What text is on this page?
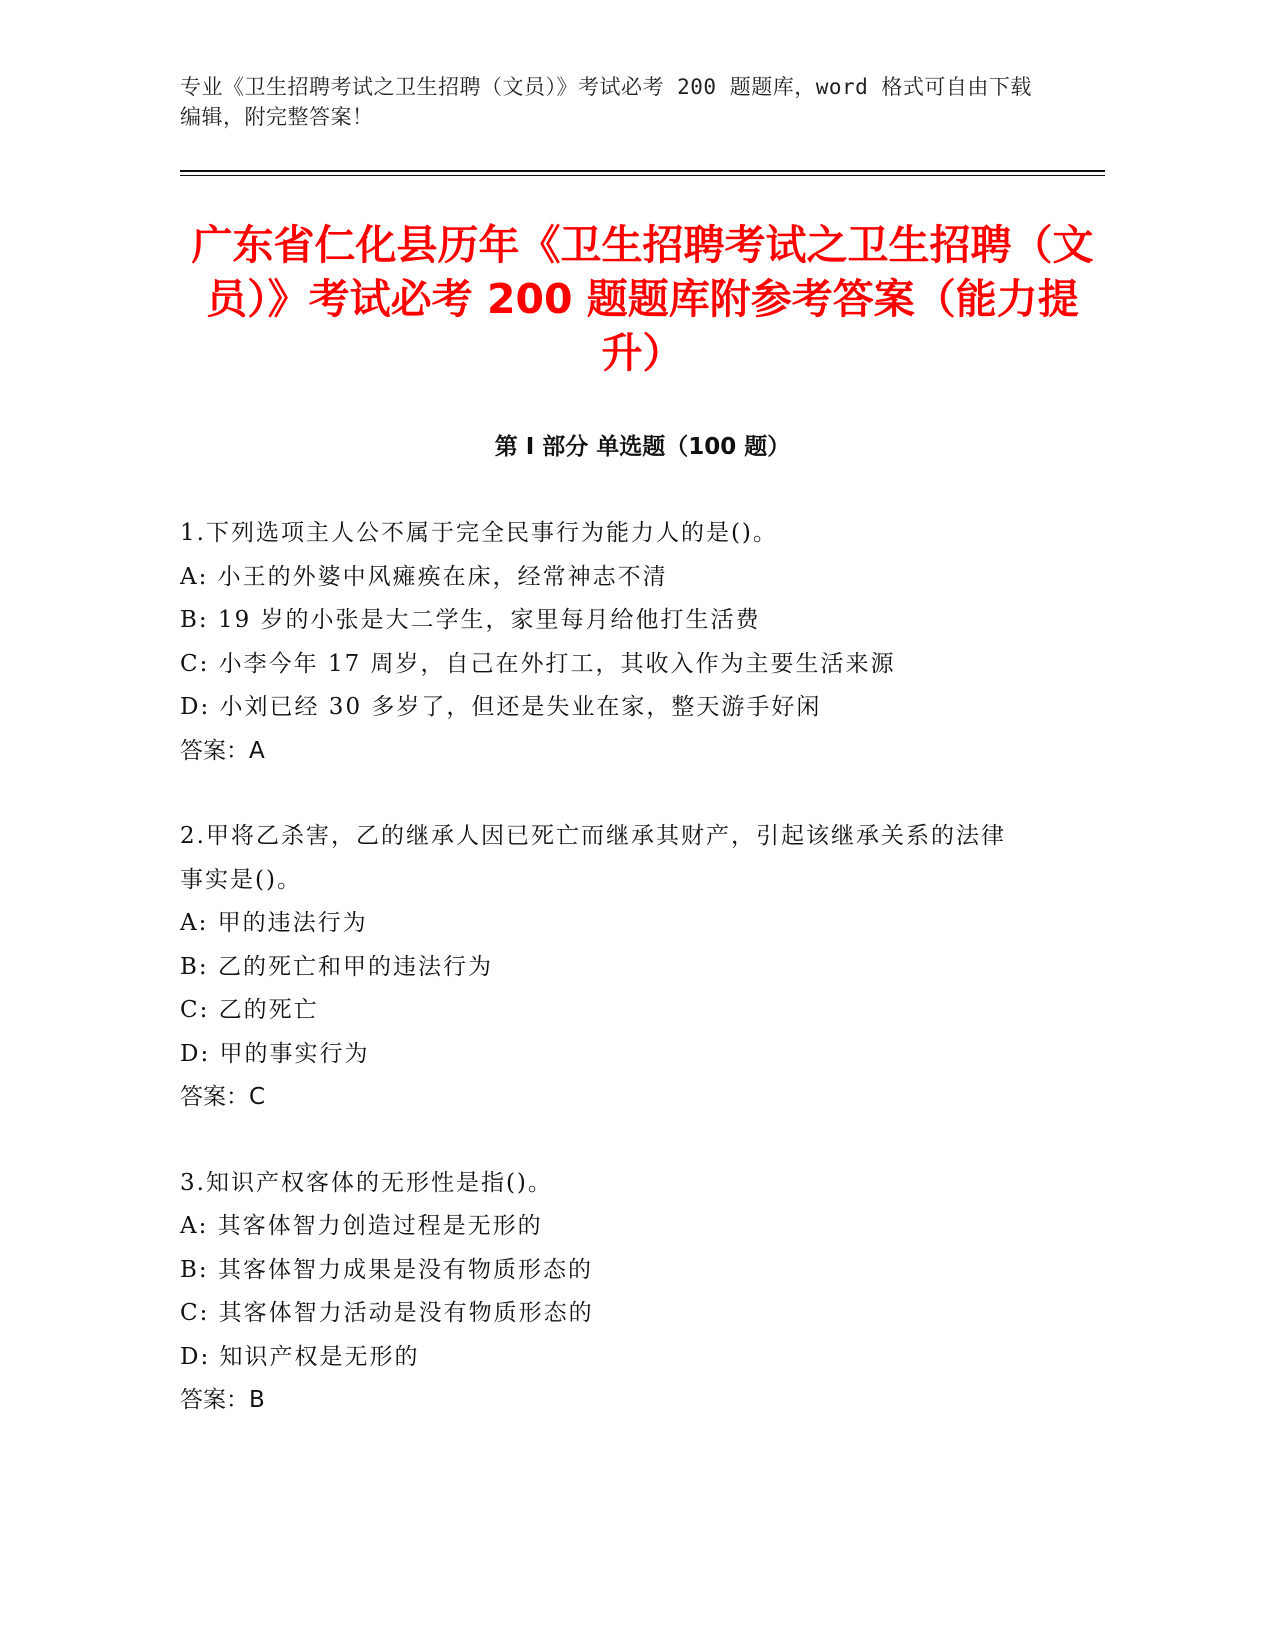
专业《卫生招聘考试之卫生招聘（文员）》考试必考 200 题题库，word 格式可自由下载编辑，附完整答案！
广东省仁化县历年《卫生招聘考试之卫生招聘（文员）》考试必考 200 题题库附参考答案（能力提升）
第 I 部分 单选题（100 题）
1.下列选项主人公不属于完全民事行为能力人的是()。
A: 小王的外婆中风瘫痪在床，经常神志不清
B: 19 岁的小张是大二学生，家里每月给他打生活费
C: 小李今年 17 周岁，自己在外打工，其收入作为主要生活来源
D: 小刘已经 30 多岁了，但还是失业在家，整天游手好闲
答案：A
2.甲将乙杀害，乙的继承人因已死亡而继承其财产，引起该继承关系的法律事实是()。
A: 甲的违法行为
B: 乙的死亡和甲的违法行为
C: 乙的死亡
D: 甲的事实行为
答案：C
3.知识产权客体的无形性是指()。
A: 其客体智力创造过程是无形的
B: 其客体智力成果是没有物质形态的
C: 其客体智力活动是没有物质形态的
D: 知识产权是无形的
答案：B
